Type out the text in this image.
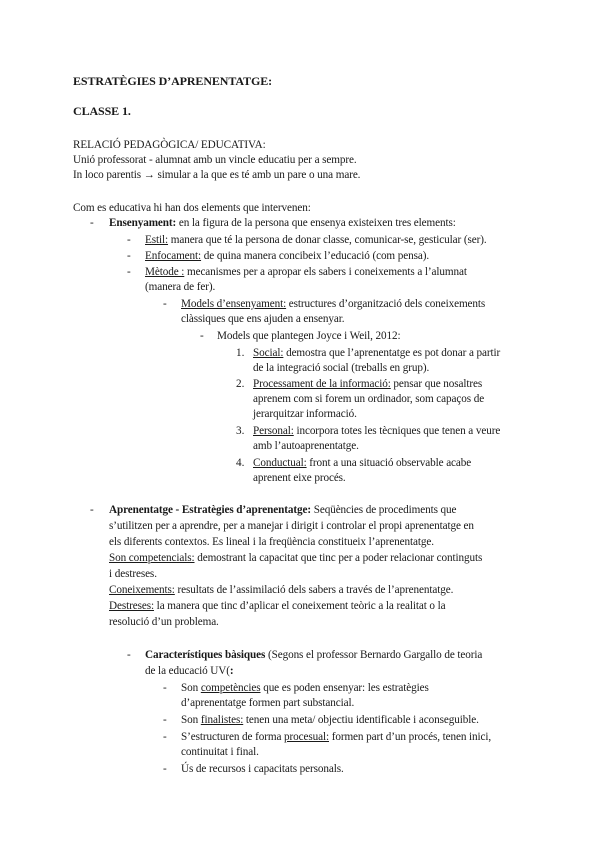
ESTRATÈGIES D’APRENENTATGE:
CLASSE 1.
RELACIÓ PEDAGÒGICA/ EDUCATIVA:
Unió professorat - alumnat amb un vincle educatiu per a sempre.
In loco parentis → simular a la que es té amb un pare o una mare.
Com es educativa hi han dos elements que intervenen:
- Ensenyament: en la figura de la persona que ensenya existeixen tres elements:
- Estil: manera que té la persona de donar classe, comunicar-se, gesticular (ser).
- Enfocament: de quina manera concibeix l’educació (com pensa).
- Mètode : mecanismes per a apropar els sabers i coneixements a l’alumnat
(manera de fer).
- Models d’ensenyament: estructures d’organització dels coneixements
clàssiques que ens ajuden a ensenyar.
- Models que plantegen Joyce i Weil, 2012:
1. Social: demostra que l’aprenentatge es pot donar a partir
de la integració social (treballs en grup).
2. Processament de la informació: pensar que nosaltres
aprenem com si forem un ordinador, som capaços de
jerarquitzar informació.
3. Personal: incorpora totes les tècniques que tenen a veure
amb l’autoaprenentatge.
4. Conductual: front a una situació observable acabe
aprenent eixe procés.
- Aprenentatge - Estratègies d’aprenentatge: Seqüències de procediments que
s’utilitzen per a aprendre, per a manejar i dirigit i controlar el propi aprenentatge en
els diferents contextos. Es lineal i la freqüència constitueix l’aprenentatge.
Son competencials: demostrant la capacitat que tinc per a poder relacionar continguts
i destreses.
Coneixements: resultats de l’assimilació dels sabers a través de l’aprenentatge.
Destreses: la manera que tinc d’aplicar el coneixement teòric a la realitat o la
resolució d’un problema.
- Característiques bàsiques (Segons el professor Bernardo Gargallo de teoria
de la educació UV(:
- Son competències que es poden ensenyar: les estratègies
d’aprenentatge formen part substancial.
- Son finalistes: tenen una meta/ objectiu identificable i aconseguible.
- S’estructuren de forma procesual: formen part d’un procés, tenen inici,
continuitat i final.
- Ús de recursos i capacitats personals.
